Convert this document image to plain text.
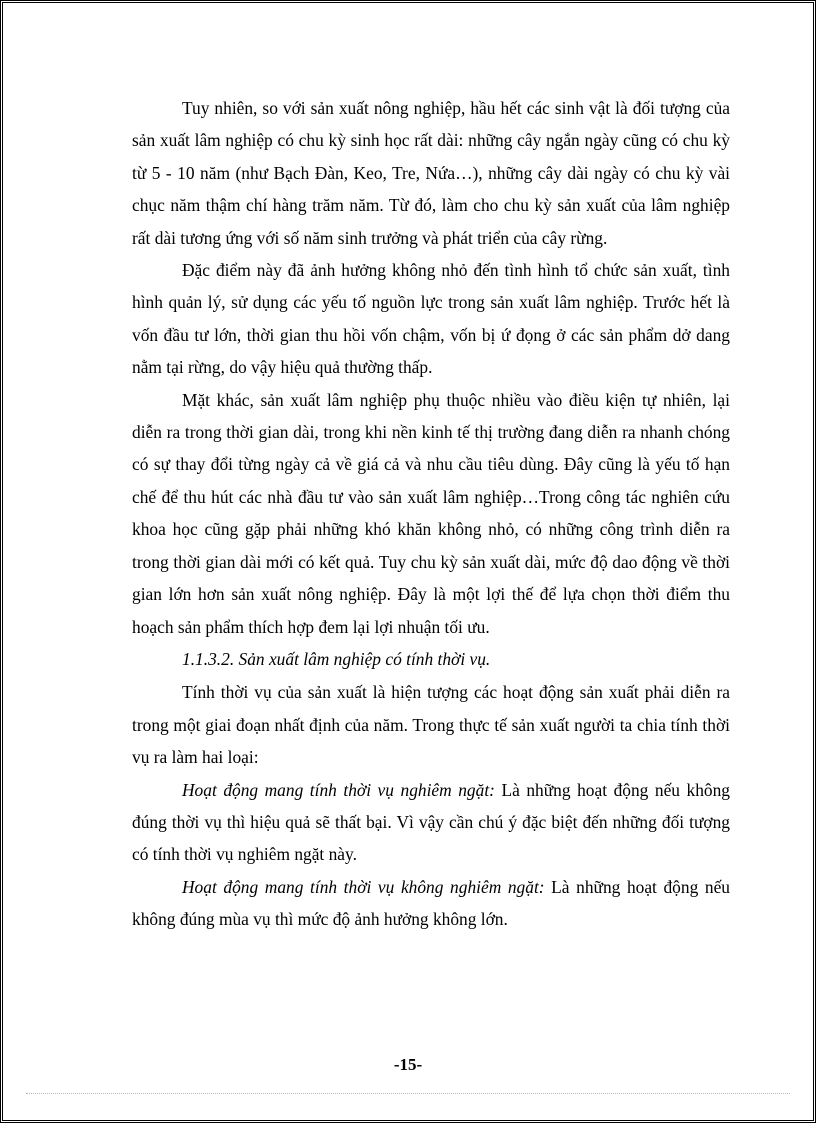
Tuy nhiên, so với sản xuất nông nghiệp, hầu hết các sinh vật là đối tượng của sản xuất lâm nghiệp có chu kỳ sinh học rất dài: những cây ngắn ngày cũng có chu kỳ từ 5 - 10 năm (như Bạch Đàn, Keo, Tre, Nứa…), những cây dài ngày có chu kỳ vài chục năm thậm chí hàng trăm năm. Từ đó, làm cho chu kỳ sản xuất của lâm nghiệp rất dài tương ứng với số năm sinh trưởng và phát triển của cây rừng.

Đặc điểm này đã ảnh hưởng không nhỏ đến tình hình tổ chức sản xuất, tình hình quản lý, sử dụng các yếu tố nguồn lực trong sản xuất lâm nghiệp. Trước hết là vốn đầu tư lớn, thời gian thu hồi vốn chậm, vốn bị ứ đọng ở các sản phẩm dở dang nằm tại rừng, do vậy hiệu quả thường thấp.

Mặt khác, sản xuất lâm nghiệp phụ thuộc nhiều vào điều kiện tự nhiên, lại diễn ra trong thời gian dài, trong khi nền kinh tế thị trường đang diễn ra nhanh chóng có sự thay đổi từng ngày cả về giá cả và nhu cầu tiêu dùng. Đây cũng là yếu tố hạn chế để thu hút các nhà đầu tư vào sản xuất lâm nghiệp…Trong công tác nghiên cứu khoa học cũng gặp phải những khó khăn không nhỏ, có những công trình diễn ra trong thời gian dài mới có kết quả. Tuy chu kỳ sản xuất dài, mức độ dao động về thời gian lớn hơn sản xuất nông nghiệp. Đây là một lợi thế để lựa chọn thời điểm thu hoạch sản phẩm thích hợp đem lại lợi nhuận tối ưu.

1.1.3.2. Sản xuất lâm nghiệp có tính thời vụ.

Tính thời vụ của sản xuất là hiện tượng các hoạt động sản xuất phải diễn ra trong một giai đoạn nhất định của năm. Trong thực tế sản xuất người ta chia tính thời vụ ra làm hai loại:

Hoạt động mang tính thời vụ nghiêm ngặt: Là những hoạt động nếu không đúng thời vụ thì hiệu quả sẽ thất bại. Vì vậy cần chú ý đặc biệt đến những đối tượng có tính thời vụ nghiêm ngặt này.

Hoạt động mang tính thời vụ không nghiêm ngặt: Là những hoạt động nếu không đúng mùa vụ thì mức độ ảnh hưởng không lớn.

-15-
